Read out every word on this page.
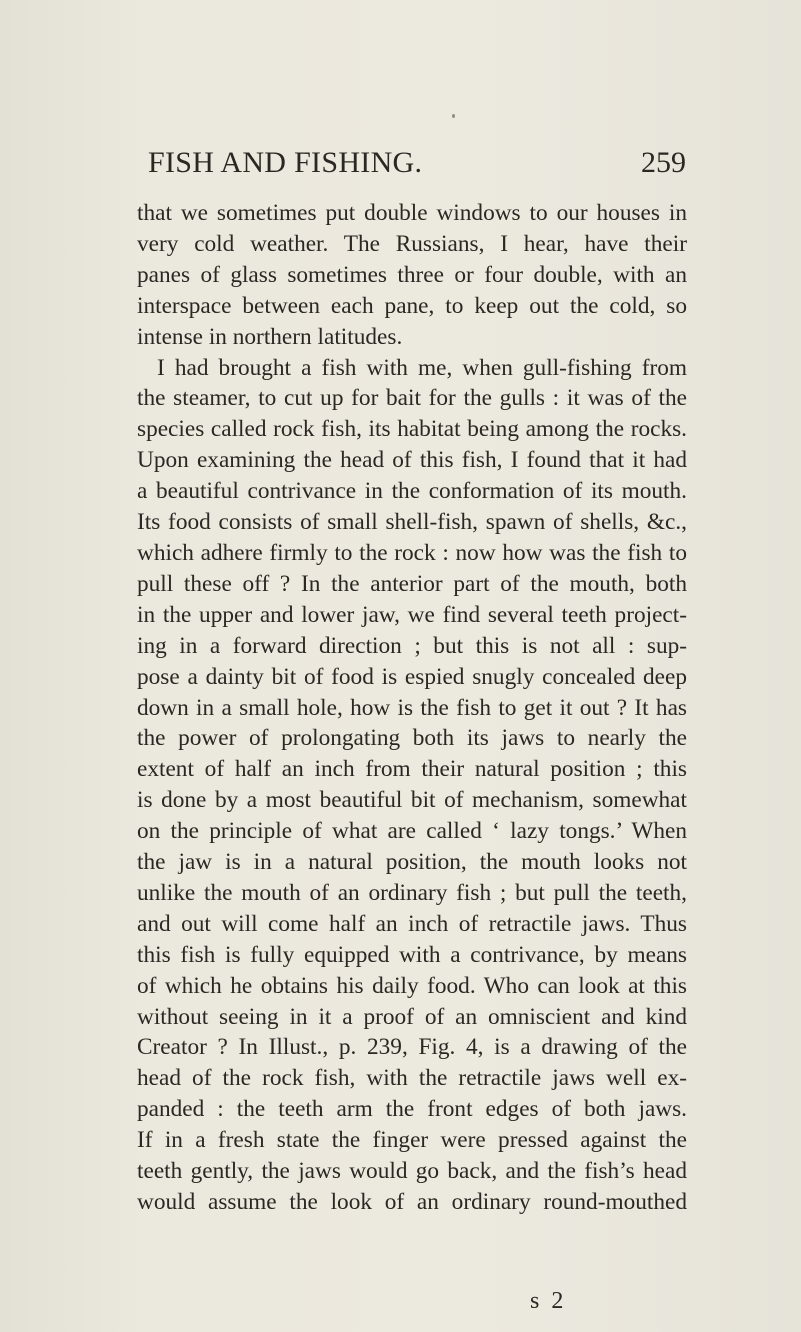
FISH AND FISHING.	259
that we sometimes put double windows to our houses in
very cold weather. The Russians, I hear, have their
panes of glass sometimes three or four double, with an
interspace between each pane, to keep out the cold, so
intense in northern latitudes.
I had brought a fish with me, when gull-fishing from
the steamer, to cut up for bait for the gulls : it was of the
species called rock fish, its habitat being among the rocks.
Upon examining the head of this fish, I found that it had
a beautiful contrivance in the conformation of its mouth.
Its food consists of small shell-fish, spawn of shells, &c.,
which adhere firmly to the rock : now how was the fish to
pull these off ? In the anterior part of the mouth, both
in the upper and lower jaw, we find several teeth project-
ing in a forward direction ; but this is not all : sup-
pose a dainty bit of food is espied snugly concealed deep
down in a small hole, how is the fish to get it out ? It has
the power of prolongating both its jaws to nearly the
extent of half an inch from their natural position ; this
is done by a most beautiful bit of mechanism, somewhat
on the principle of what are called ‘ lazy tongs.’ When
the jaw is in a natural position, the mouth looks not
unlike the mouth of an ordinary fish ; but pull the teeth,
and out will come half an inch of retractile jaws. Thus
this fish is fully equipped with a contrivance, by means
of which he obtains his daily food. Who can look at this
without seeing in it a proof of an omniscient and kind
Creator ? In Illust., p. 239, Fig. 4, is a drawing of the
head of the rock fish, with the retractile jaws well ex-
panded : the teeth arm the front edges of both jaws.
If in a fresh state the finger were pressed against the
teeth gently, the jaws would go back, and the fish’s head
would assume the look of an ordinary round-mouthed
s 2
